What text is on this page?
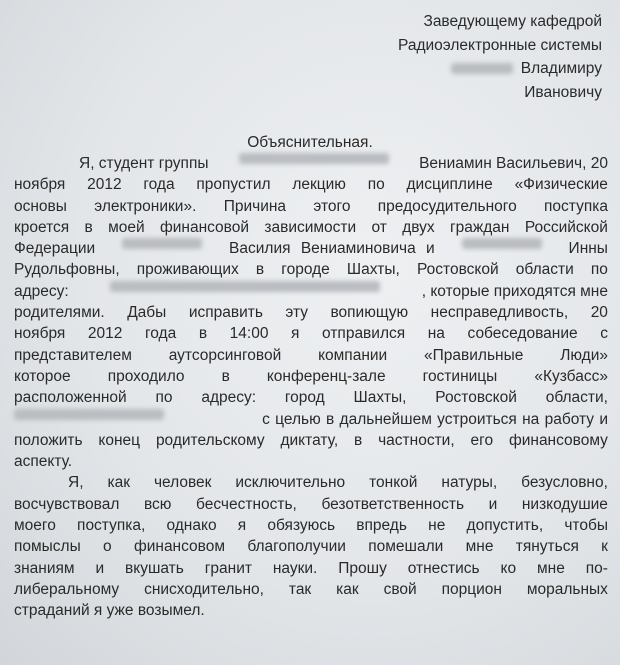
Заведующему кафедрой
Радиоэлектронные системы
Владимиру
Ивановичу
Объяснительная.
Я, студент группы	Вениамин Васильевич, 20
ноября 2012 года пропустил лекцию по дисциплине «Физические
основы электроники». Причина этого предосудительного поступка
кроется в моей финансовой зависимости от двух граждан Российской
Федерации	Василия Вениаминовича и	Инны
Рудольфовны, проживающих в городе Шахты, Ростовской области по
адресу:	, которые приходятся мне
родителями. Дабы исправить эту вопиющую несправедливость, 20
ноября 2012 года в 14:00 я отправился на собеседование с
представителем аутсорсинговой компании «Правильные Люди»
которое проходило в конференц-зале гостиницы «Кузбасс»
расположенной по адресу: город Шахты, Ростовской области,
с целью в дальнейшем устроиться на работу и
положить конец родительскому диктату, в частности, его финансовому
аспекту.
Я, как человек исключительно тонкой натуры, безусловно,
восчувствовал всю бесчестность, безответственность и низкодушие
моего поступка, однако я обязуюсь впредь не допустить, чтобы
помыслы о финансовом благополучии помешали мне тянуться к
знаниям и вкушать гранит науки. Прошу отнестись ко мне по-
либеральному снисходительно, так как свой порцион моральных
страданий я уже возымел.
